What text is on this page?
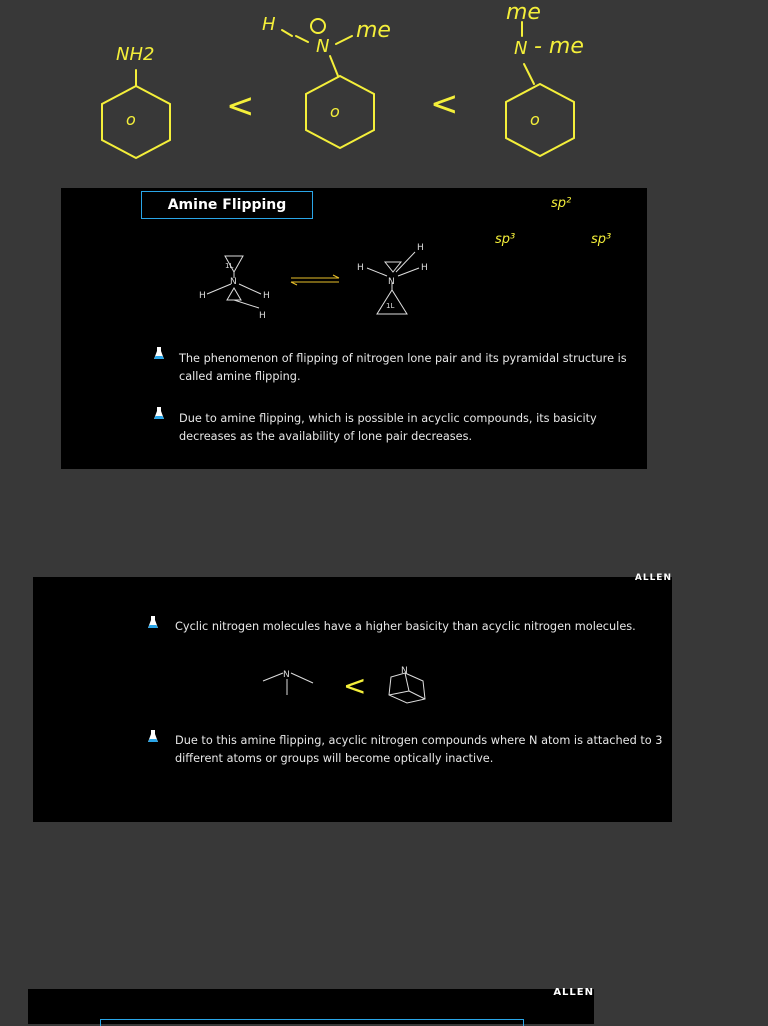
NH2
o	<
H
N
me
o	<
me
N - me
o
Amine Flipping	sp²
sp³	sp³
N
1L
H	H
H
N
1L
H
H
H
The phenomenon of flipping of nitrogen lone pair and its pyramidal structure is called amine flipping.
Due to amine flipping, which is possible in acyclic compounds, its basicity decreases as the availability of lone pair decreases.
ALLEN
Cyclic nitrogen molecules have a higher basicity than acyclic nitrogen molecules.
N	N
<
Due to this amine flipping, acyclic nitrogen compounds where N atom is attached to 3 different atoms or groups will become optically inactive.
ALLEN
